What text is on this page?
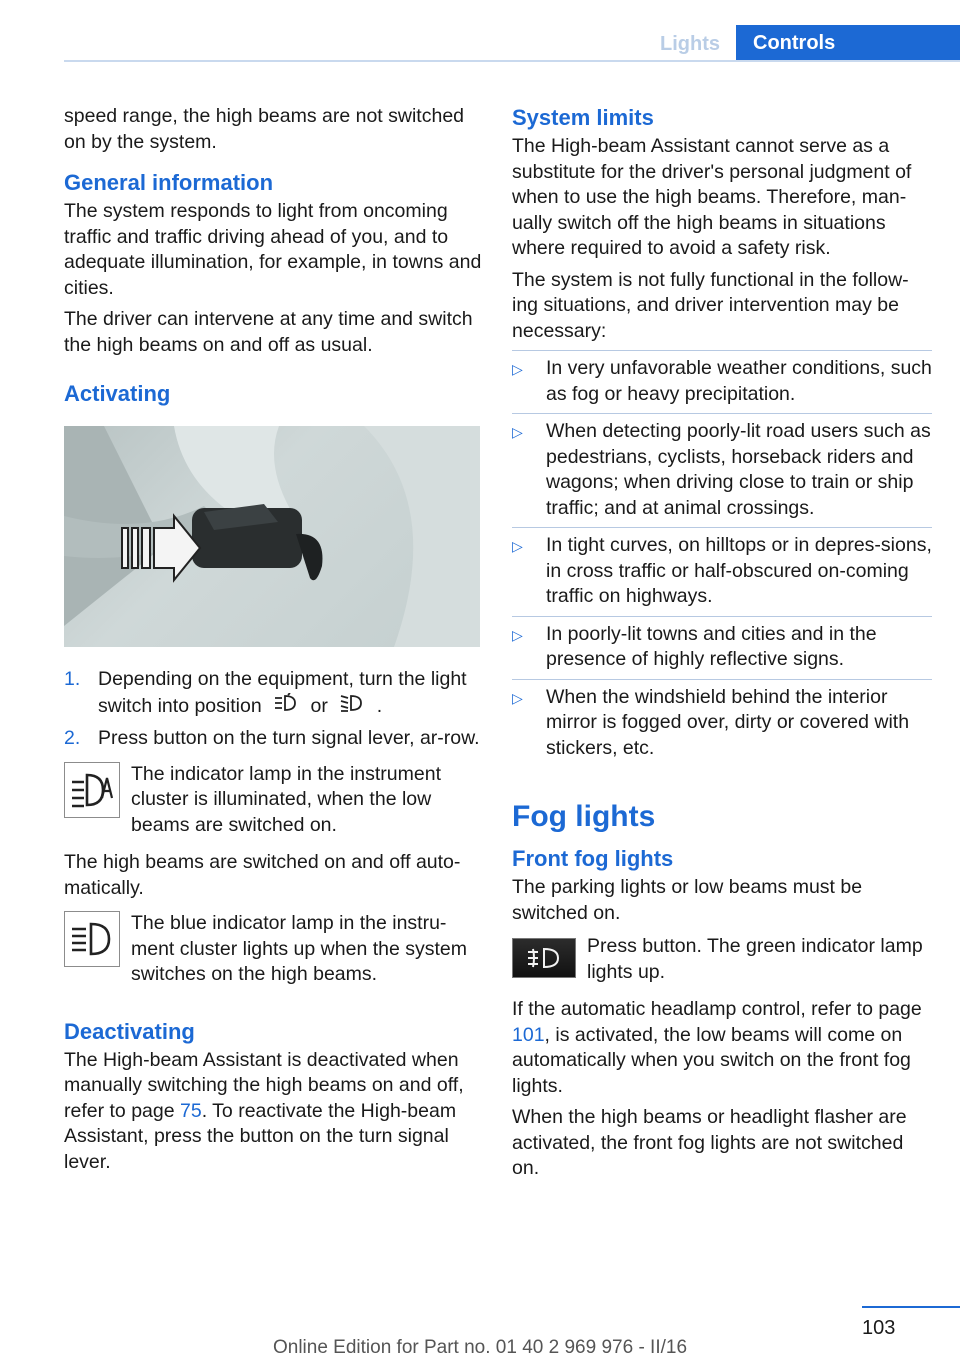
Lights	Controls

speed range, the high beams are not switched on by the system.

General information

The system responds to light from oncoming traffic and traffic driving ahead of you, and to adequate illumination, for example, in towns and cities.

The driver can intervene at any time and switch the high beams on and off as usual.

Activating
1. Depending on the equipment, turn the light switch into position	or	.
2. Press button on the turn signal lever, ar-row.
The indicator lamp in the instrument cluster is illuminated, when the low beams are switched on.

The high beams are switched on and off auto-matically.

The blue indicator lamp in the instru-ment cluster lights up when the system switches on the high beams.
Deactivating

The High-beam Assistant is deactivated when manually switching the high beams on and off, refer to page 75. To reactivate the High-beam Assistant, press the button on the turn signal lever.

System limits

The High-beam Assistant cannot serve as a substitute for the driver's personal judgment of when to use the high beams. Therefore, man-ually switch off the high beams in situations where required to avoid a safety risk.

The system is not fully functional in the follow-ing situations, and driver intervention may be necessary:

▷ In very unfavorable weather conditions, such as fog or heavy precipitation.
▷ When detecting poorly-lit road users such as pedestrians, cyclists, horseback riders and wagons; when driving close to train or ship traffic; and at animal crossings.
▷ In tight curves, on hilltops or in depres-sions, in cross traffic or half-obscured on-coming traffic on highways.
▷ In poorly-lit towns and cities and in the presence of highly reflective signs.
▷ When the windshield behind the interior mirror is fogged over, dirty or covered with stickers, etc.
Fog lights
Front fog lights

The parking lights or low beams must be switched on.

Press button. The green indicator lamp lights up.

If the automatic headlamp control, refer to page 101, is activated, the low beams will come on automatically when you switch on the front fog lights.

When the high beams or headlight flasher are activated, the front fog lights are not switched on.

103
Online Edition for Part no. 01 40 2 969 976 - II/16
